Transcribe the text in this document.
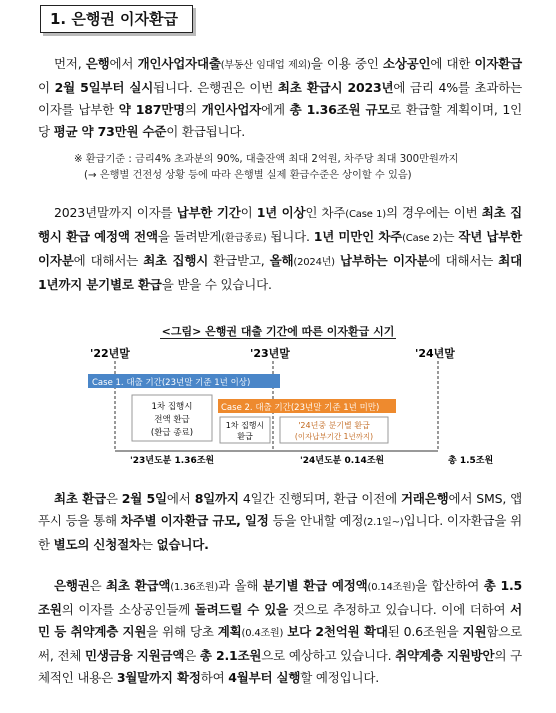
1. 은행권 이자환급

먼저, 은행에서 개인사업자대출(부동산 임대업 제외)을 이용 중인 소상공인에 대한 이자환급이 2월 5일부터 실시됩니다. 은행권은 이번 최초 환급시 2023년에 금리 4%를 초과하는 이자를 납부한 약 187만명의 개인사업자에게 총 1.36조원 규모로 환급할 계획이며, 1인당 평균 약 73만원 수준이 환급됩니다.

※ 환급기준 : 금리4% 초과분의 90%, 대출잔액 최대 2억원, 차주당 최대 300만원까지
(→ 은행별 건전성 상황 등에 따라 은행별 실제 환급수준은 상이할 수 있음)

2023년말까지 이자를 납부한 기간이 1년 이상인 차주(Case 1)의 경우에는 이번 최초 집행시 환급 예정액 전액을 돌려받게(환급종료) 됩니다. 1년 미만인 차주(Case 2)는 작년 납부한 이자분에 대해서는 최초 집행시 환급받고, 올해(2024년) 납부하는 이자분에 대해서는 최대 1년까지 분기별로 환급을 받을 수 있습니다.

<그림> 은행권 대출 기간에 따른 이자환급 시기
'22년말	'23년말	'24년말
Case 1. 대출 기간(23년말 기준 1년 이상)
Case 2. 대출 기간(23년말 기준 1년 미만)
1차 집행시
전액 환급
(환급 종료)
1차 집행시
환급
'24년중 분기별 환급
(이자납부기간 1년까지)
'23년도분 1.36조원	'24년도분 0.14조원	총 1.5조원

최초 환급은 2월 5일에서 8일까지 4일간 진행되며, 환급 이전에 거래은행에서 SMS, 앱푸시 등을 통해 차주별 이자환급 규모, 일정 등을 안내할 예정(2.1일~)입니다. 이자환급을 위한 별도의 신청절차는 없습니다.

은행권은 최초 환급액(1.36조원)과 올해 분기별 환급 예정액(0.14조원)을 합산하여 총 1.5조원의 이자를 소상공인들께 돌려드릴 수 있을 것으로 추정하고 있습니다. 이에 더하여 서민 등 취약계층 지원을 위해 당초 계획(0.4조원) 보다 2천억원 확대된 0.6조원을 지원함으로써, 전체 민생금융 지원금액은 총 2.1조원으로 예상하고 있습니다. 취약계층 지원방안의 구체적인 내용은 3월말까지 확정하여 4월부터 실행할 예정입니다.
